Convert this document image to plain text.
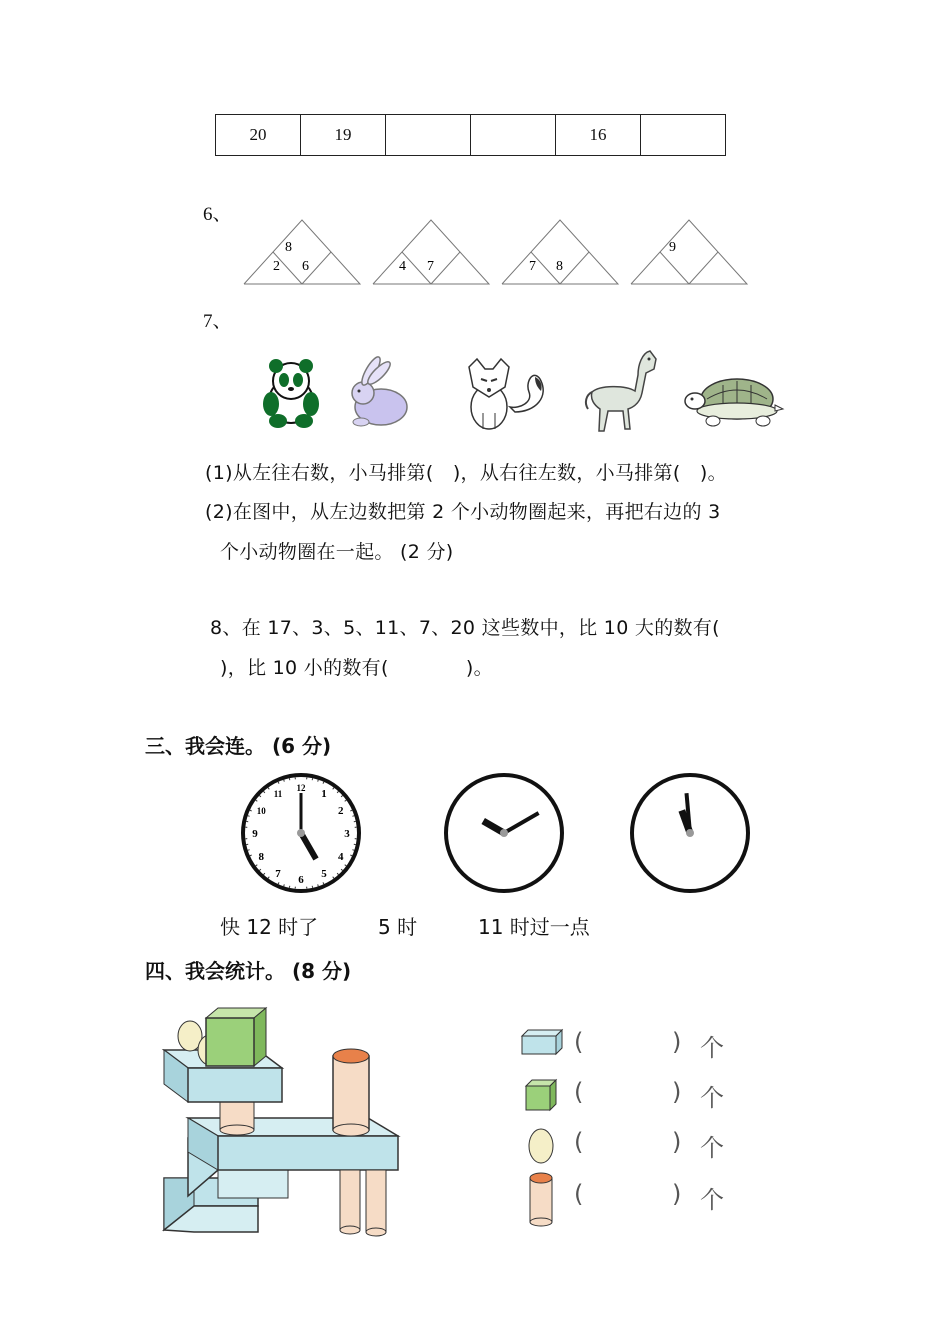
20	19			16	
6、
8
2 6	4 7	7 8
9
7、
(1)从左往右数，小马排第(　)，从右往左数，小马排第(　)。
(2)在图中，从左边数把第 2 个小动物圈起来，再把右边的 3
个小动物圈在一起。 (2 分)
8、在 17、3、5、11、7、20 这些数中，比 10 大的数有(
)，比 10 小的数有(　　　　)。
三、我会连。 (6 分)
12
1
2
3
4
5
6
7
8
9
10
11
快 12 时了	5 时	11 时过一点
四、我会统计。 (8 分)
(	) 个
(	) 个
(	) 个
(	) 个
